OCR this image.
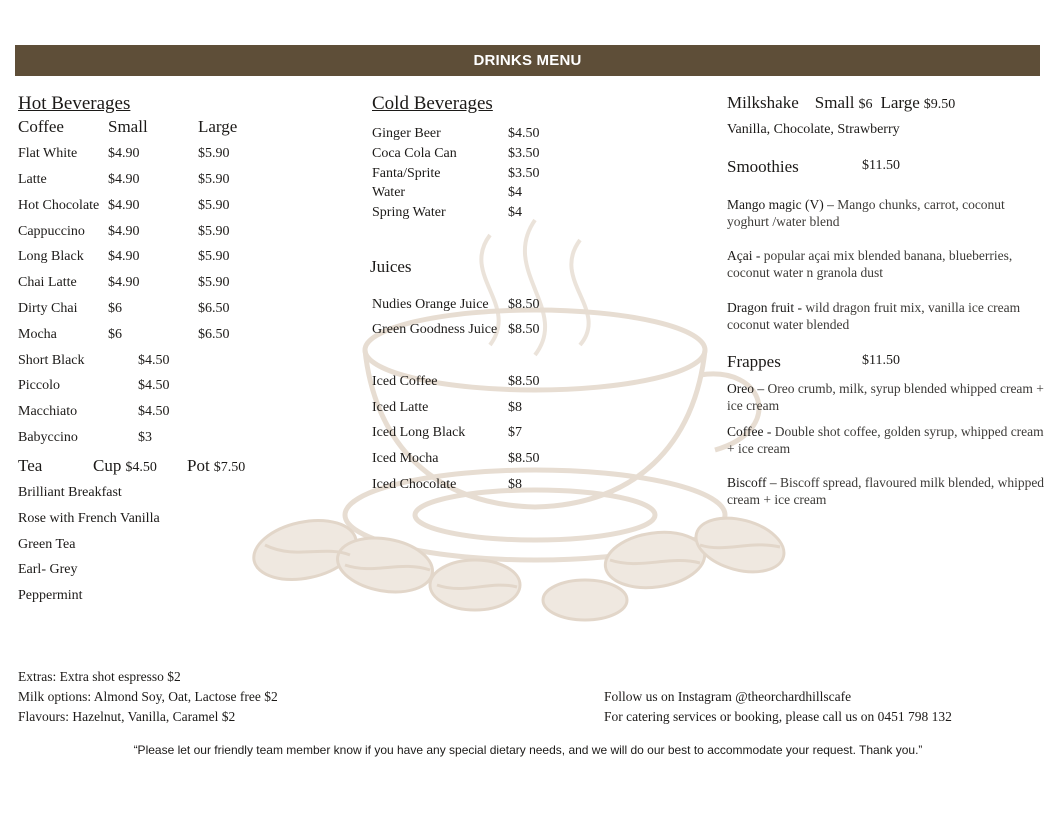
DRINKS MENU
Hot Beverages
Coffee	Small	Large
Flat White $4.90	$5.90
Latte	$4.90	$5.90
Hot Chocolate $4.90	$5.90
Cappuccino $4.90	$5.90
Long Black $4.90	$5.90
Chai Latte $4.90	$5.90
Dirty Chai $6	$6.50
Mocha	$6	$6.50
Short Black	$4.50
Piccolo	$4.50
Macchiato	$4.50
Babyccino	$3
Tea	Cup $4.50 Pot $7.50
Brilliant Breakfast
Rose with French Vanilla
Green Tea
Earl- Grey
Peppermint
Cold Beverages
Ginger Beer	$4.50
Coca Cola Can	$3.50
Fanta/Sprite	$3.50
Water	$4
Spring Water	$4
Juices
Nudies Orange Juice $8.50
Green Goodness Juice $8.50
Iced Coffee	$8.50
Iced Latte	$8
Iced Long Black	$7
Iced Mocha	$8.50
Iced Chocolate	$8
Milkshake Small $6 Large $9.50
Vanilla, Chocolate, Strawberry
Smoothies	$11.50
Mango magic (V) – Mango chunks, carrot, coconut yoghurt /water blend
Açai - popular açai mix blended banana, blueberries, coconut water n granola dust
Dragon fruit - wild dragon fruit mix, vanilla ice cream coconut water blended
Frappes	$11.50
Oreo – Oreo crumb, milk, syrup blended whipped cream + ice cream
Coffee - Double shot coffee, golden syrup, whipped cream + ice cream
Biscoff – Biscoff spread, flavoured milk blended, whipped cream + ice cream
Extras: Extra shot espresso $2
Milk options: Almond Soy, Oat, Lactose free $2
Flavours: Hazelnut, Vanilla, Caramel $2
Follow us on Instagram @theorchardhillscafe
For catering services or booking, please call us on 0451 798 132
“Please let our friendly team member know if you have any special dietary needs, and we will do our best to accommodate your request. Thank you.”
